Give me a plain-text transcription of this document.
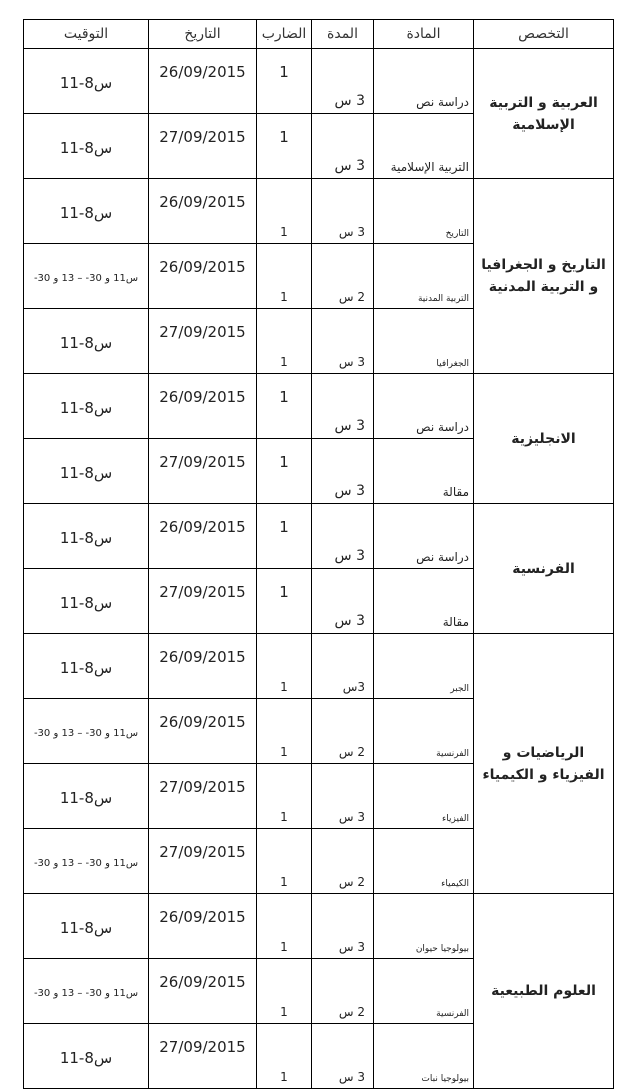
التخصص	المادة	المدة	الضارب	التاريخ	التوقيت
العربية و التربية الإسلامية	دراسة نص	3 س	1	26/09/2015	س8-11
	التربية الإسلامية	3 س	1	27/09/2015	س8-11
التاريخ و الجغرافيا و التربية المدنية	التاريخ	3 س	1	26/09/2015	س8-11
	التربية المدنية	2 س	1	26/09/2015	س11 و 30- – 13 و 30-
	الجغرافيا	3 س	1	27/09/2015	س8-11
الانجليزية	دراسة نص	3 س	1	26/09/2015	س8-11
	مقالة	3 س	1	27/09/2015	س8-11
الفرنسية	دراسة نص	3 س	1	26/09/2015	س8-11
	مقالة	3 س	1	27/09/2015	س8-11
الرياضيات و الفيزياء و الكيمياء	الجبر	3س	1	26/09/2015	س8-11
	الفرنسية	2 س	1	26/09/2015	س11 و 30- – 13 و 30-
	الفيزياء	3 س	1	27/09/2015	س8-11
	الكيمياء	2 س	1	27/09/2015	س11 و 30- – 13 و 30-
العلوم الطبيعية	بيولوجيا حيوان	3 س	1	26/09/2015	س8-11
	الفرنسية	2 س	1	26/09/2015	س11 و 30- – 13 و 30-
	بيولوجيا نبات	3 س	1	27/09/2015	س8-11
